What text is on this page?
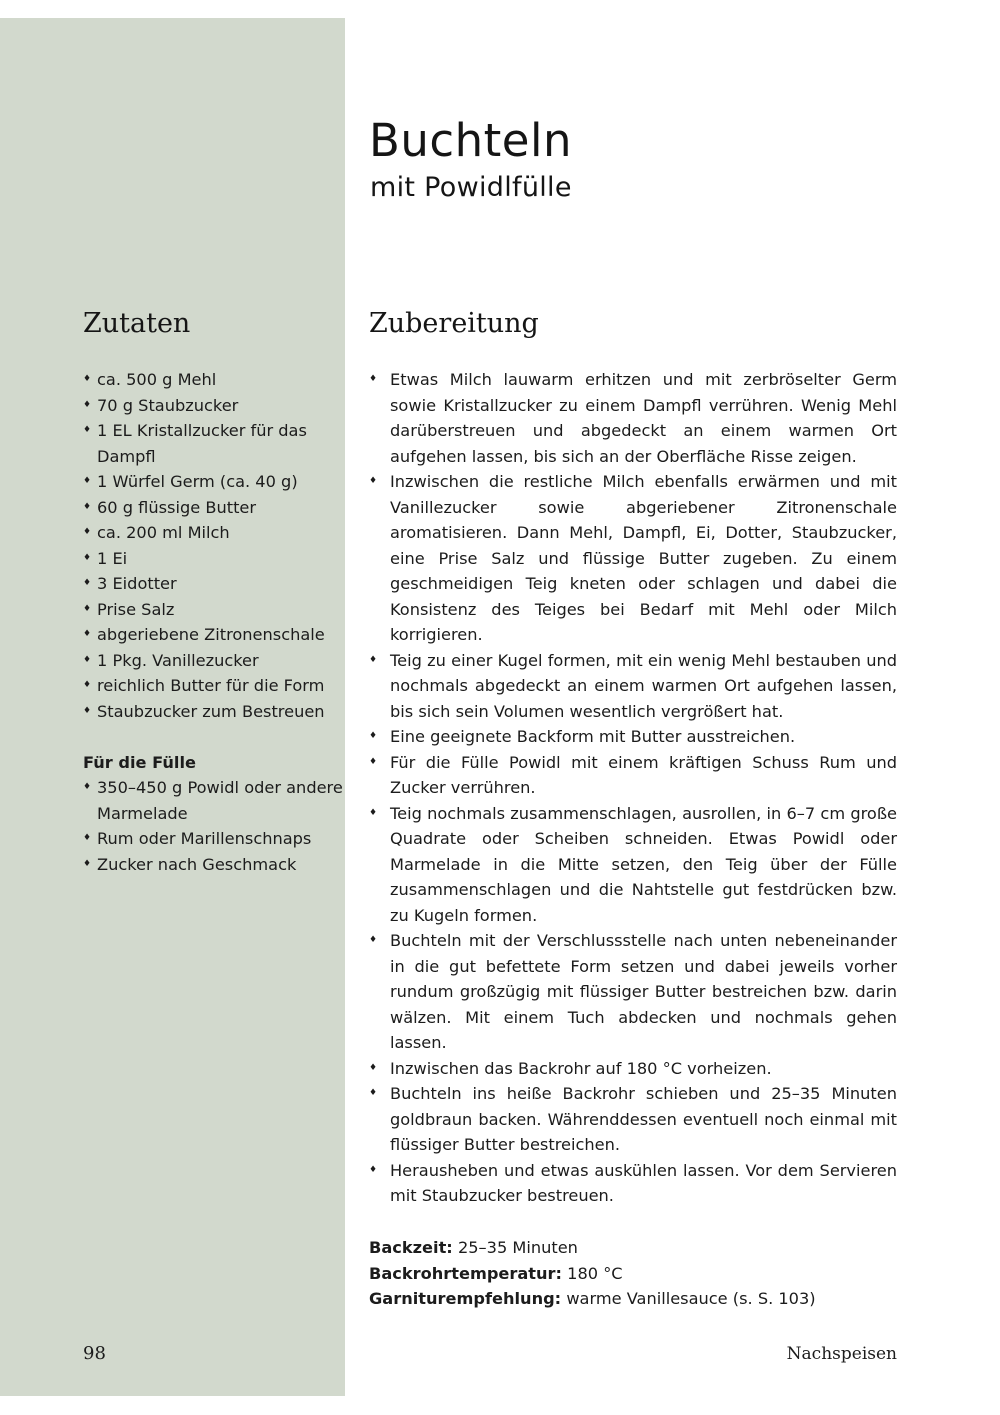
Buchteln
mit Powidlfülle
Zutaten	Zubereitung
♦ ca. 500 g Mehl
♦ 70 g Staubzucker
♦ 1 EL Kristallzucker für das Dampfl
♦ 1 Würfel Germ (ca. 40 g)
♦ 60 g flüssige Butter
♦ ca. 200 ml Milch
♦ 1 Ei
♦ 3 Eidotter
♦ Prise Salz
♦ abgeriebene Zitronenschale
♦ 1 Pkg. Vanillezucker
♦ reichlich Butter für die Form
♦ Staubzucker zum Bestreuen

Für die Fülle

♦ 350–450 g Powidl oder andere Marmelade
♦ Rum oder Marillenschnaps
♦ Zucker nach Geschmack
♦ Etwas Milch lauwarm erhitzen und mit zerbröselter Germ sowie Kristallzucker zu einem Dampfl verrühren. Wenig Mehl darüberstreuen und abgedeckt an einem warmen Ort aufgehen lassen, bis sich an der Oberfläche Risse zeigen.
♦ Inzwischen die restliche Milch ebenfalls erwärmen und mit Vanillezucker sowie abgeriebener Zitronenschale aromatisieren. Dann Mehl, Dampfl, Ei, Dotter, Staubzucker, eine Prise Salz und flüssige Butter zugeben. Zu einem geschmeidigen Teig kneten oder schlagen und dabei die Konsistenz des Teiges bei Bedarf mit Mehl oder Milch korrigieren.
♦ Teig zu einer Kugel formen, mit ein wenig Mehl bestauben und nochmals abgedeckt an einem warmen Ort aufgehen lassen, bis sich sein Volumen wesentlich vergrößert hat.
♦ Eine geeignete Backform mit Butter ausstreichen.
♦ Für die Fülle Powidl mit einem kräftigen Schuss Rum und Zucker verrühren.
♦ Teig nochmals zusammenschlagen, ausrollen, in 6–7 cm große Quadrate oder Scheiben schneiden. Etwas Powidl oder Marmelade in die Mitte setzen, den Teig über der Fülle zusammenschlagen und die Nahtstelle gut festdrücken bzw. zu Kugeln formen.
♦ Buchteln mit der Verschlussstelle nach unten nebeneinander in die gut befettete Form setzen und dabei jeweils vorher rundum großzügig mit flüssiger Butter bestreichen bzw. darin wälzen. Mit einem Tuch abdecken und nochmals gehen lassen.
♦ Inzwischen das Backrohr auf 180 °C vorheizen.
♦ Buchteln ins heiße Backrohr schieben und 25–35 Minuten goldbraun backen. Währenddessen eventuell noch einmal mit flüssiger Butter bestreichen.
♦ Herausheben und etwas auskühlen lassen. Vor dem Servieren mit Staubzucker bestreuen.

Backzeit: 25–35 Minuten

Backrohrtemperatur: 180 °C

Garniturempfehlung: warme Vanillesauce (s. S. 103)

98	Nachspeisen
